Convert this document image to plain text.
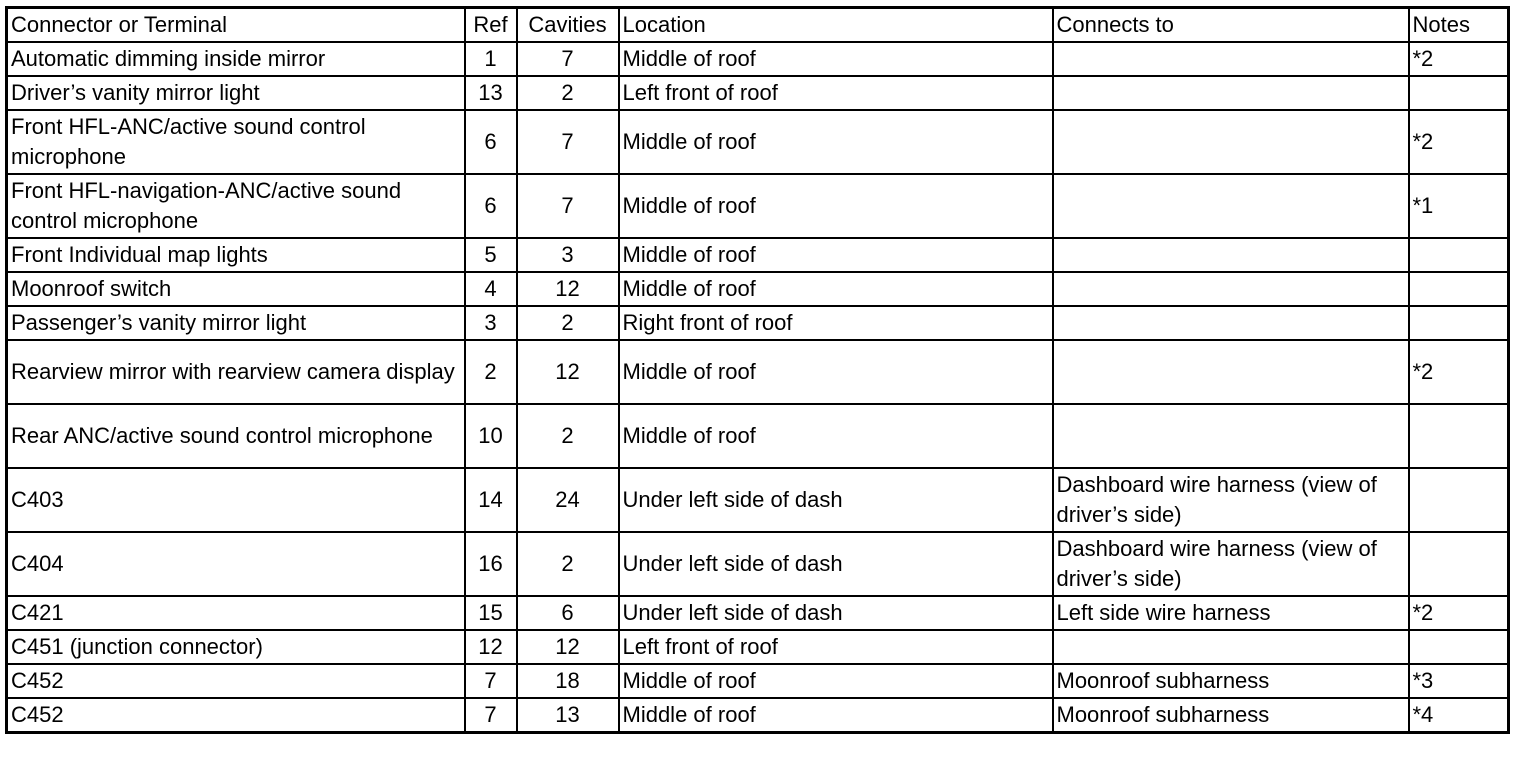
Connector or Terminal	Ref	Cavities	Location	Connects to	Notes
Automatic dimming inside mirror	1	7	Middle of roof		*2
Driver’s vanity mirror light	13	2	Left front of roof		
Front HFL-ANC/active sound control microphone	6	7	Middle of roof		*2
Front HFL-navigation-ANC/active sound control microphone	6	7	Middle of roof		*1
Front Individual map lights	5	3	Middle of roof		
Moonroof switch	4	12	Middle of roof		
Passenger’s vanity mirror light	3	2	Right front of roof		
Rearview mirror with rearview camera display	2	12	Middle of roof		*2
Rear ANC/active sound control microphone	10	2	Middle of roof		
C403	14	24	Under left side of dash	Dashboard wire harness (view of driver’s side)	
C404	16	2	Under left side of dash	Dashboard wire harness (view of driver’s side)	
C421	15	6	Under left side of dash	Left side wire harness	*2
C451 (junction connector)	12	12	Left front of roof		
C452	7	18	Middle of roof	Moonroof subharness	*3
C452	7	13	Middle of roof	Moonroof subharness	*4
